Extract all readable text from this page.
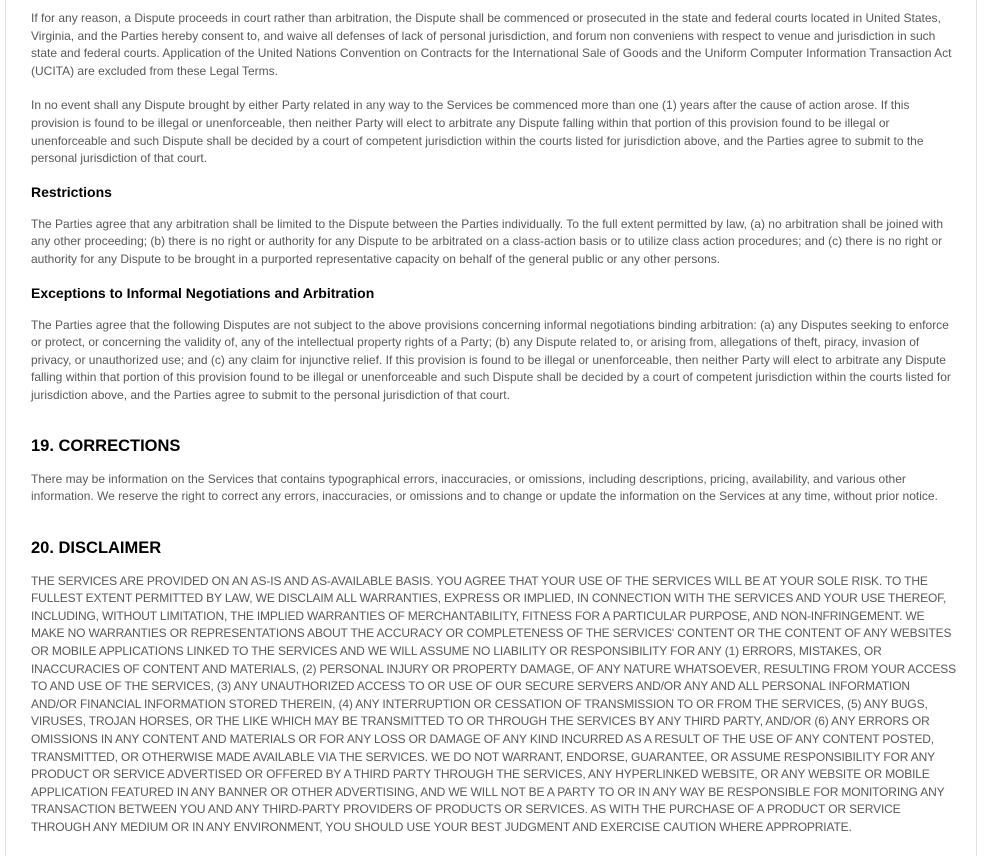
If for any reason, a Dispute proceeds in court rather than arbitration, the Dispute shall be commenced or prosecuted in the state and federal courts located in United States, Virginia, and the Parties hereby consent to, and waive all defenses of lack of personal jurisdiction, and forum non conveniens with respect to venue and jurisdiction in such state and federal courts. Application of the United Nations Convention on Contracts for the International Sale of Goods and the Uniform Computer Information Transaction Act (UCITA) are excluded from these Legal Terms.

In no event shall any Dispute brought by either Party related in any way to the Services be commenced more than one (1) years after the cause of action arose. If this provision is found to be illegal or unenforceable, then neither Party will elect to arbitrate any Dispute falling within that portion of this provision found to be illegal or unenforceable and such Dispute shall be decided by a court of competent jurisdiction within the courts listed for jurisdiction above, and the Parties agree to submit to the personal jurisdiction of that court.

Restrictions

The Parties agree that any arbitration shall be limited to the Dispute between the Parties individually. To the full extent permitted by law, (a) no arbitration shall be joined with any other proceeding; (b) there is no right or authority for any Dispute to be arbitrated on a class-action basis or to utilize class action procedures; and (c) there is no right or authority for any Dispute to be brought in a purported representative capacity on behalf of the general public or any other persons.

Exceptions to Informal Negotiations and Arbitration

The Parties agree that the following Disputes are not subject to the above provisions concerning informal negotiations binding arbitration: (a) any Disputes seeking to enforce or protect, or concerning the validity of, any of the intellectual property rights of a Party; (b) any Dispute related to, or arising from, allegations of theft, piracy, invasion of privacy, or unauthorized use; and (c) any claim for injunctive relief. If this provision is found to be illegal or unenforceable, then neither Party will elect to arbitrate any Dispute falling within that portion of this provision found to be illegal or unenforceable and such Dispute shall be decided by a court of competent jurisdiction within the courts listed for jurisdiction above, and the Parties agree to submit to the personal jurisdiction of that court.

19. CORRECTIONS

There may be information on the Services that contains typographical errors, inaccuracies, or omissions, including descriptions, pricing, availability, and various other information. We reserve the right to correct any errors, inaccuracies, or omissions and to change or update the information on the Services at any time, without prior notice.

20. DISCLAIMER

THE SERVICES ARE PROVIDED ON AN AS-IS AND AS-AVAILABLE BASIS. YOU AGREE THAT YOUR USE OF THE SERVICES WILL BE AT YOUR SOLE RISK. TO THE FULLEST EXTENT PERMITTED BY LAW, WE DISCLAIM ALL WARRANTIES, EXPRESS OR IMPLIED, IN CONNECTION WITH THE SERVICES AND YOUR USE THEREOF, INCLUDING, WITHOUT LIMITATION, THE IMPLIED WARRANTIES OF MERCHANTABILITY, FITNESS FOR A PARTICULAR PURPOSE, AND NON-INFRINGEMENT. WE MAKE NO WARRANTIES OR REPRESENTATIONS ABOUT THE ACCURACY OR COMPLETENESS OF THE SERVICES' CONTENT OR THE CONTENT OF ANY WEBSITES OR MOBILE APPLICATIONS LINKED TO THE SERVICES AND WE WILL ASSUME NO LIABILITY OR RESPONSIBILITY FOR ANY (1) ERRORS, MISTAKES, OR INACCURACIES OF CONTENT AND MATERIALS, (2) PERSONAL INJURY OR PROPERTY DAMAGE, OF ANY NATURE WHATSOEVER, RESULTING FROM YOUR ACCESS TO AND USE OF THE SERVICES, (3) ANY UNAUTHORIZED ACCESS TO OR USE OF OUR SECURE SERVERS AND/OR ANY AND ALL PERSONAL INFORMATION AND/OR FINANCIAL INFORMATION STORED THEREIN, (4) ANY INTERRUPTION OR CESSATION OF TRANSMISSION TO OR FROM THE SERVICES, (5) ANY BUGS, VIRUSES, TROJAN HORSES, OR THE LIKE WHICH MAY BE TRANSMITTED TO OR THROUGH THE SERVICES BY ANY THIRD PARTY, AND/OR (6) ANY ERRORS OR OMISSIONS IN ANY CONTENT AND MATERIALS OR FOR ANY LOSS OR DAMAGE OF ANY KIND INCURRED AS A RESULT OF THE USE OF ANY CONTENT POSTED, TRANSMITTED, OR OTHERWISE MADE AVAILABLE VIA THE SERVICES. WE DO NOT WARRANT, ENDORSE, GUARANTEE, OR ASSUME RESPONSIBILITY FOR ANY PRODUCT OR SERVICE ADVERTISED OR OFFERED BY A THIRD PARTY THROUGH THE SERVICES, ANY HYPERLINKED WEBSITE, OR ANY WEBSITE OR MOBILE APPLICATION FEATURED IN ANY BANNER OR OTHER ADVERTISING, AND WE WILL NOT BE A PARTY TO OR IN ANY WAY BE RESPONSIBLE FOR MONITORING ANY TRANSACTION BETWEEN YOU AND ANY THIRD-PARTY PROVIDERS OF PRODUCTS OR SERVICES. AS WITH THE PURCHASE OF A PRODUCT OR SERVICE THROUGH ANY MEDIUM OR IN ANY ENVIRONMENT, YOU SHOULD USE YOUR BEST JUDGMENT AND EXERCISE CAUTION WHERE APPROPRIATE.
